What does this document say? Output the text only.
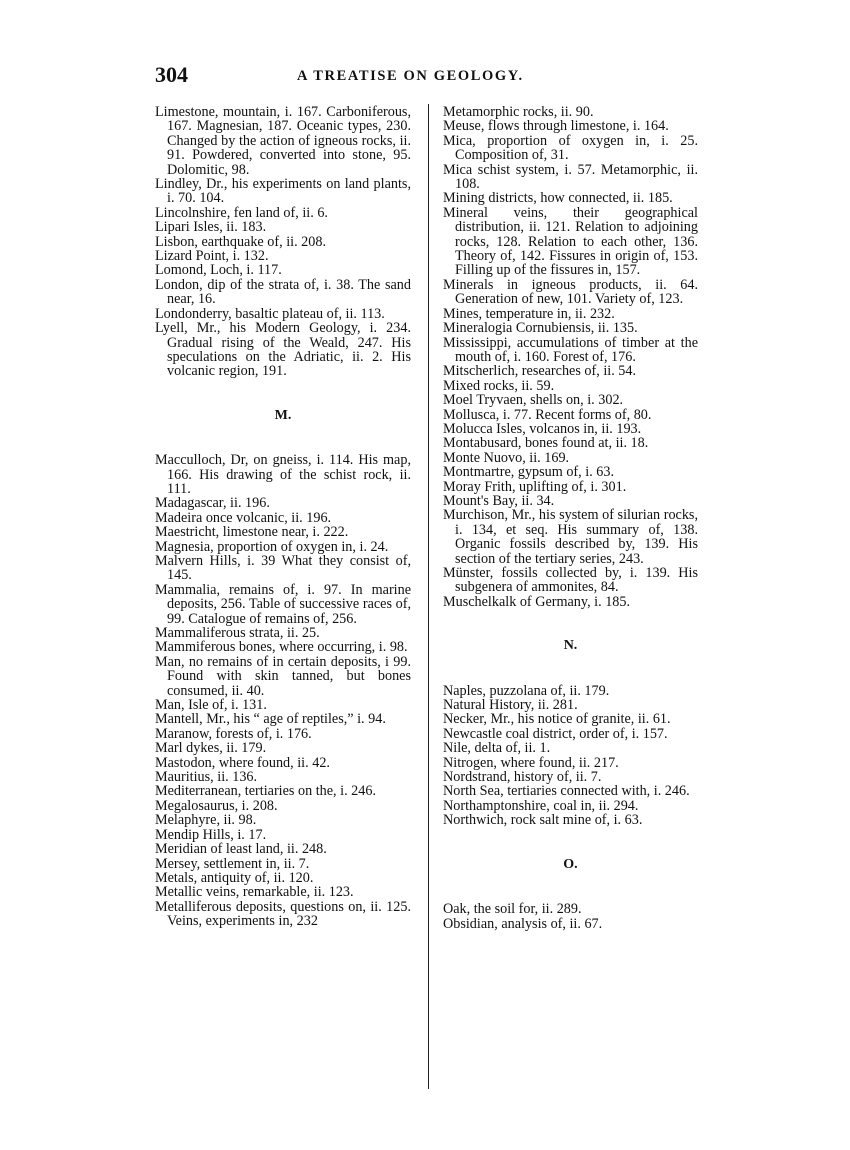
304	A TREATISE ON GEOLOGY.

Limestone, mountain, i. 167. Carboniferous, 167. Magnesian, 187. Oceanic types, 230. Changed by the action of igneous rocks, ii. 91. Powdered, converted into stone, 95. Dolomitic, 98.

Lindley, Dr., his experiments on land plants, i. 70. 104.

Lincolnshire, fen land of, ii. 6.

Lipari Isles, ii. 183.

Lisbon, earthquake of, ii. 208.

Lizard Point, i. 132.

Lomond, Loch, i. 117.

London, dip of the strata of, i. 38. The sand near, 16.

Londonderry, basaltic plateau of, ii. 113.

Lyell, Mr., his Modern Geology, i. 234. Gradual rising of the Weald, 247. His speculations on the Adriatic, ii. 2. His volcanic region, 191.

M.

Macculloch, Dr, on gneiss, i. 114. His map, 166. His drawing of the schist rock, ii. 111.

Madagascar, ii. 196.

Madeira once volcanic, ii. 196.

Maestricht, limestone near, i. 222.

Magnesia, proportion of oxygen in, i. 24.

Malvern Hills, i. 39 What they consist of, 145.

Mammalia, remains of, i. 97. In marine deposits, 256. Table of successive races of, 99. Catalogue of remains of, 256.

Mammaliferous strata, ii. 25.

Mammiferous bones, where occurring, i. 98.

Man, no remains of in certain deposits, i 99. Found with skin tanned, but bones consumed, ii. 40.

Man, Isle of, i. 131.

Mantell, Mr., his “ age of reptiles,” i. 94.

Maranow, forests of, i. 176.

Marl dykes, ii. 179.

Mastodon, where found, ii. 42.

Mauritius, ii. 136.

Mediterranean, tertiaries on the, i. 246.

Megalosaurus, i. 208.

Melaphyre, ii. 98.

Mendip Hills, i. 17.

Meridian of least land, ii. 248.

Mersey, settlement in, ii. 7.

Metals, antiquity of, ii. 120.

Metallic veins, remarkable, ii. 123.

Metalliferous deposits, questions on, ii. 125. Veins, experiments in, 232

Metamorphic rocks, ii. 90.

Meuse, flows through limestone, i. 164.

Mica, proportion of oxygen in, i. 25. Composition of, 31.

Mica schist system, i. 57. Metamorphic, ii. 108.

Mining districts, how connected, ii. 185.

Mineral veins, their geographical distribution, ii. 121. Relation to adjoining rocks, 128. Relation to each other, 136. Theory of, 142. Fissures in origin of, 153. Filling up of the fissures in, 157.

Minerals in igneous products, ii. 64. Generation of new, 101. Variety of, 123.

Mines, temperature in, ii. 232.

Mineralogia Cornubiensis, ii. 135.

Mississippi, accumulations of timber at the mouth of, i. 160. Forest of, 176.

Mitscherlich, researches of, ii. 54.

Mixed rocks, ii. 59.

Moel Tryvaen, shells on, i. 302.

Mollusca, i. 77. Recent forms of, 80.

Molucca Isles, volcanos in, ii. 193.

Montabusard, bones found at, ii. 18.

Monte Nuovo, ii. 169.

Montmartre, gypsum of, i. 63.

Moray Frith, uplifting of, i. 301.

Mount's Bay, ii. 34.

Murchison, Mr., his system of silurian rocks, i. 134, et seq. His summary of, 138. Organic fossils described by, 139. His section of the tertiary series, 243.

Münster, fossils collected by, i. 139. His subgenera of ammonites, 84.

Muschelkalk of Germany, i. 185.

N.

Naples, puzzolana of, ii. 179.

Natural History, ii. 281.

Necker, Mr., his notice of granite, ii. 61.

Newcastle coal district, order of, i. 157.

Nile, delta of, ii. 1.

Nitrogen, where found, ii. 217.

Nordstrand, history of, ii. 7.

North Sea, tertiaries connected with, i. 246.

Northamptonshire, coal in, ii. 294.

Northwich, rock salt mine of, i. 63.

O.

Oak, the soil for, ii. 289.

Obsidian, analysis of, ii. 67.
